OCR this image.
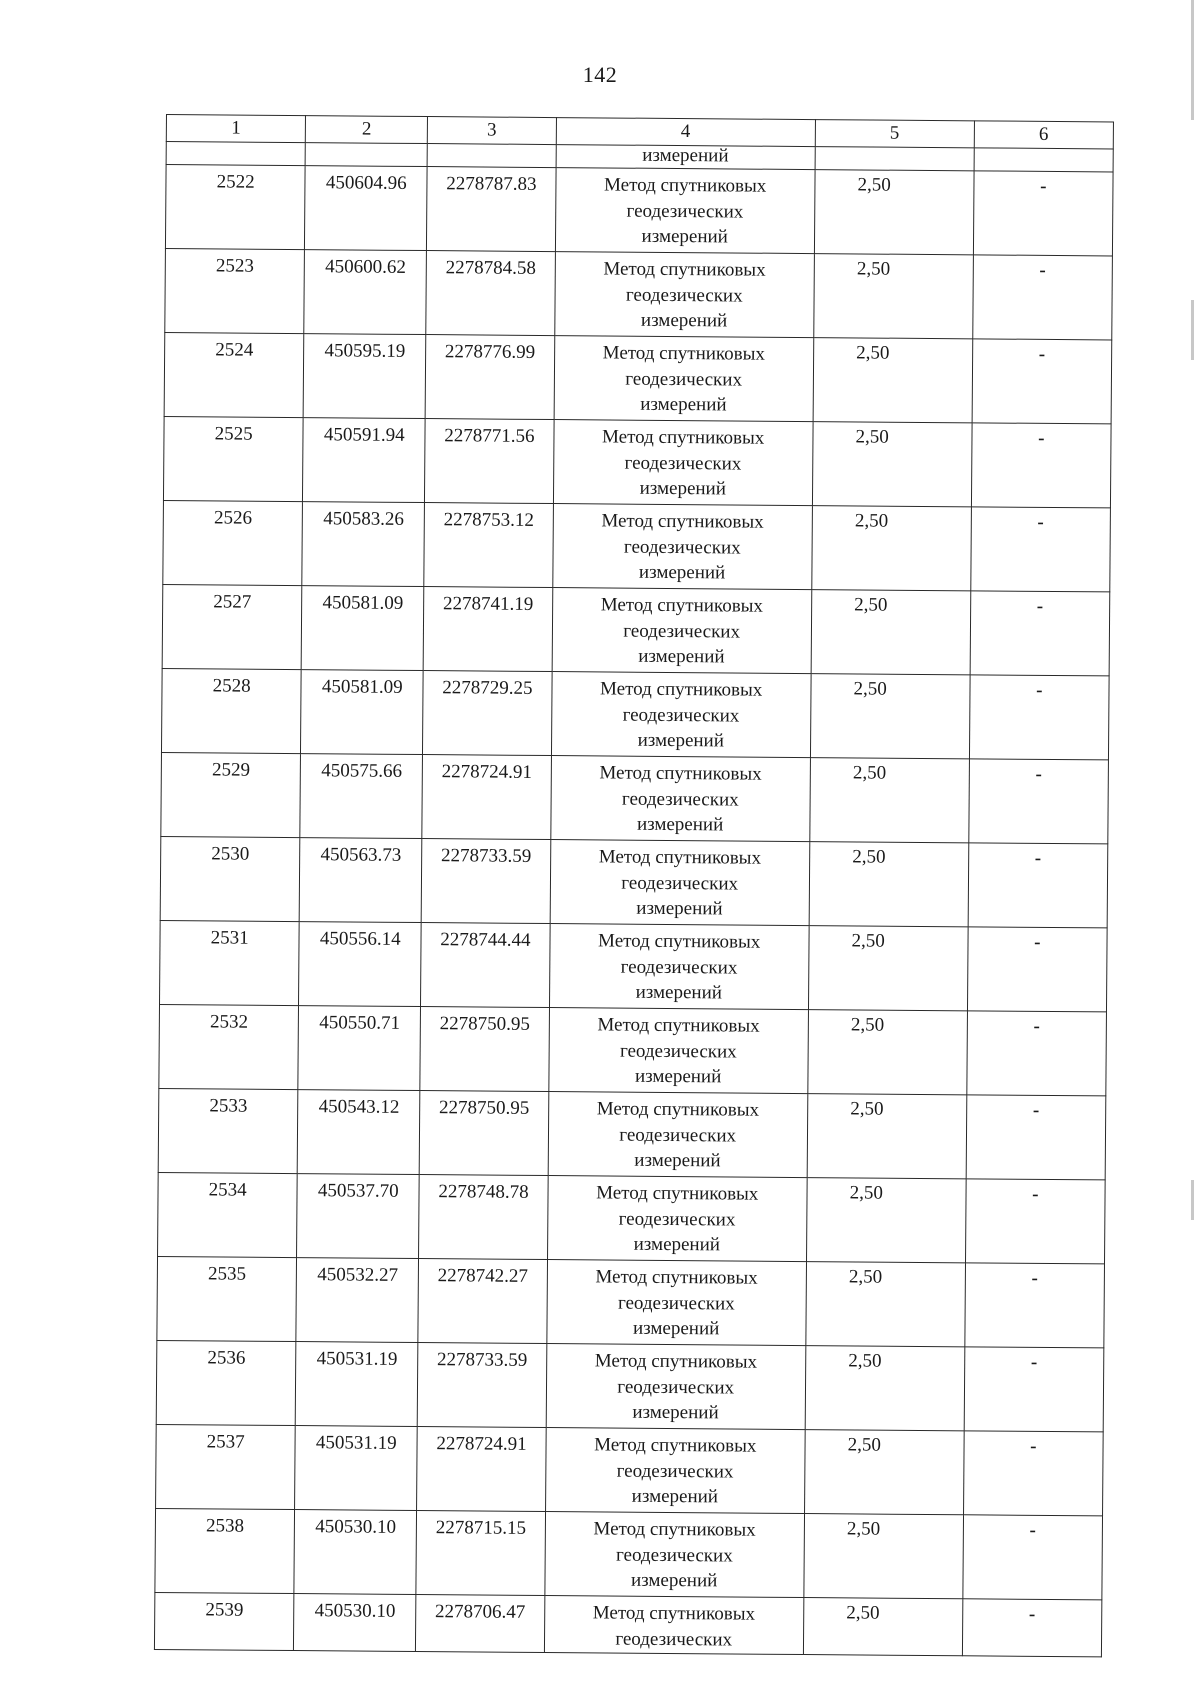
142
1	2	3	4	5	6
			измерений		
2522	450604.96	2278787.83	Метод спутниковых
геодезических
измерений	2,50	-
2523	450600.62	2278784.58	Метод спутниковых
геодезических
измерений	2,50	-
2524	450595.19	2278776.99	Метод спутниковых
геодезических
измерений	2,50	-
2525	450591.94	2278771.56	Метод спутниковых
геодезических
измерений	2,50	-
2526	450583.26	2278753.12	Метод спутниковых
геодезических
измерений	2,50	-
2527	450581.09	2278741.19	Метод спутниковых
геодезических
измерений	2,50	-
2528	450581.09	2278729.25	Метод спутниковых
геодезических
измерений	2,50	-
2529	450575.66	2278724.91	Метод спутниковых
геодезических
измерений	2,50	-
2530	450563.73	2278733.59	Метод спутниковых
геодезических
измерений	2,50	-
2531	450556.14	2278744.44	Метод спутниковых
геодезических
измерений	2,50	-
2532	450550.71	2278750.95	Метод спутниковых
геодезических
измерений	2,50	-
2533	450543.12	2278750.95	Метод спутниковых
геодезических
измерений	2,50	-
2534	450537.70	2278748.78	Метод спутниковых
геодезических
измерений	2,50	-
2535	450532.27	2278742.27	Метод спутниковых
геодезических
измерений	2,50	-
2536	450531.19	2278733.59	Метод спутниковых
геодезических
измерений	2,50	-
2537	450531.19	2278724.91	Метод спутниковых
геодезических
измерений	2,50	-
2538	450530.10	2278715.15	Метод спутниковых
геодезических
измерений	2,50	-
2539	450530.10	2278706.47	Метод спутниковых
геодезических	2,50	-
